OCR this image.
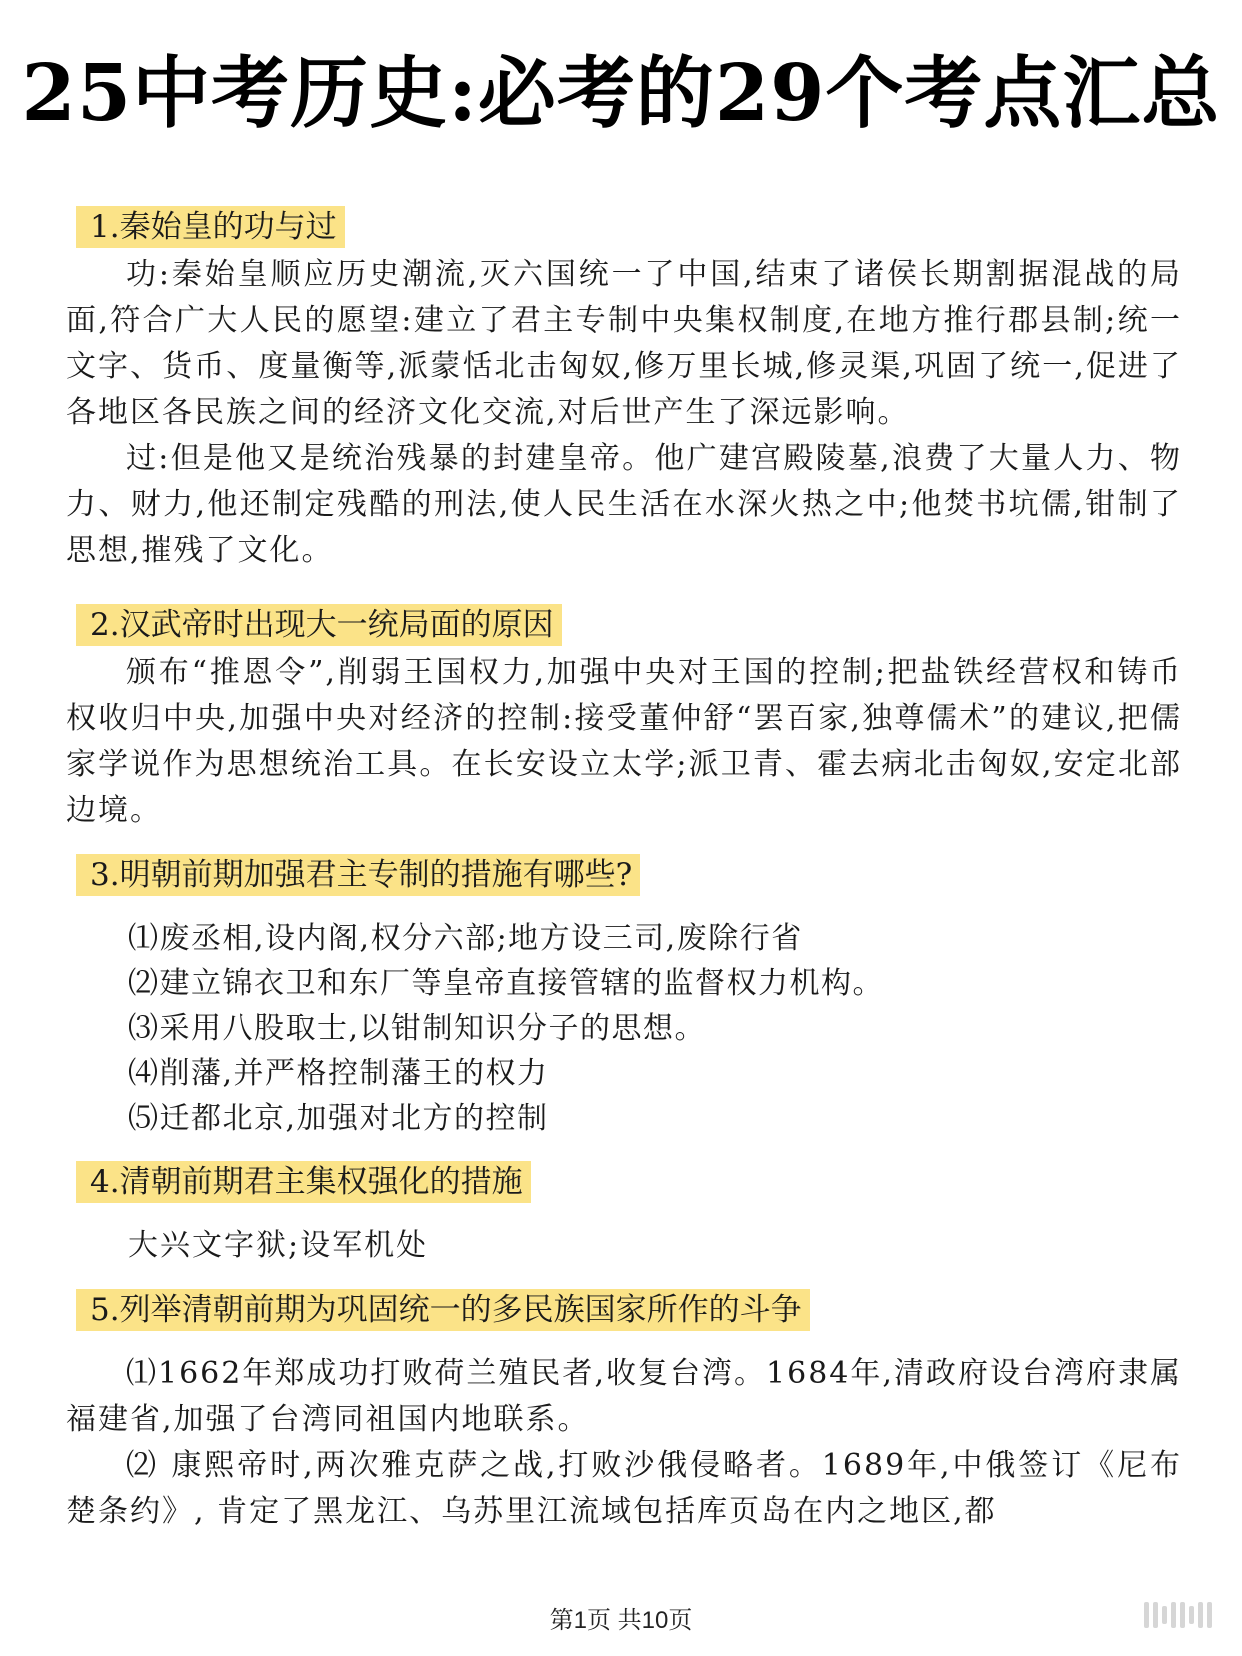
25中考历史:必考的29个考点汇总
1.秦始皇的功与过

功:秦始皇顺应历史潮流,灭六国统一了中国,结束了诸侯长期割据混战的局面,符合广大人民的愿望:建立了君主专制中央集权制度,在地方推行郡县制;统一文字、货币、度量衡等,派蒙恬北击匈奴,修万里长城,修灵渠,巩固了统一,促进了各地区各民族之间的经济文化交流,对后世产生了深远影响。

过:但是他又是统治残暴的封建皇帝。他广建宫殿陵墓,浪费了大量人力、物力、财力,他还制定残酷的刑法,使人民生活在水深火热之中;他焚书坑儒,钳制了思想,摧残了文化。

2.汉武帝时出现大一统局面的原因

颁布“推恩令”,削弱王国权力,加强中央对王国的控制;把盐铁经营权和铸币权收归中央,加强中央对经济的控制:接受董仲舒“罢百家,独尊儒术”的建议,把儒家学说作为思想统治工具。在长安设立太学;派卫青、霍去病北击匈奴,安定北部边境。

3.明朝前期加强君主专制的措施有哪些?

⑴废丞相,设内阁,权分六部;地方设三司,废除行省

⑵建立锦衣卫和东厂等皇帝直接管辖的监督权力机构。

⑶采用八股取士,以钳制知识分子的思想。

⑷削藩,并严格控制藩王的权力

⑸迁都北京,加强对北方的控制

4.清朝前期君主集权强化的措施

大兴文字狱;设军机处

5.列举清朝前期为巩固统一的多民族国家所作的斗争

⑴1662年郑成功打败荷兰殖民者,收复台湾。1684年,清政府设台湾府隶属福建省,加强了台湾同祖国内地联系。

⑵ 康熙帝时,两次雅克萨之战,打败沙俄侵略者。1689年,中俄签订《尼布楚条约》, 肯定了黑龙江、乌苏里江流域包括库页岛在内之地区,都

第1页 共10页
